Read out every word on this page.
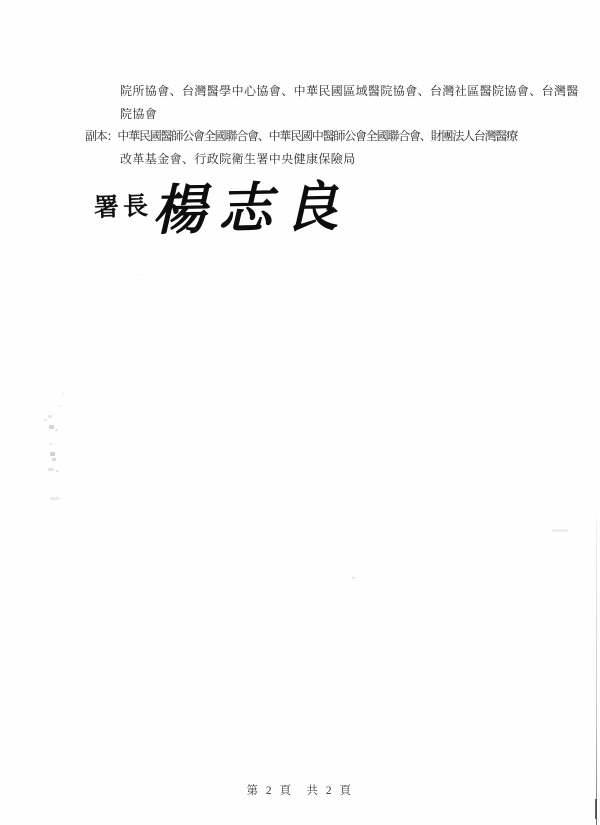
院所協會、台灣醫學中心協會、中華民國區域醫院協會、台灣社區醫院協會、台灣醫
院協會
副本：中華民國醫師公會全國聯合會、中華民國中醫師公會全國聯合會、財團法人台灣醫療
改革基金會、行政院衛生署中央健康保險局
署長
楊志良
第 2 頁 共 2 頁
